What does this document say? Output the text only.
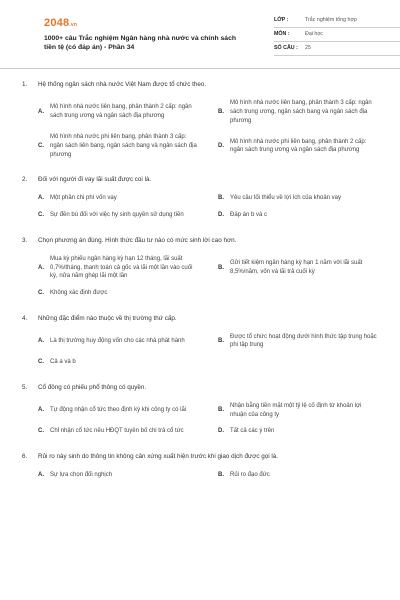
2048.vn
1000+ câu Trắc nghiệm Ngân hàng nhà nước và chính sách tiền tệ (có đáp án) - Phần 34
LỚP :	Trắc nghiệm tổng hợp
MÔN :	Đại học
SỐ CÂU :	25
1.	Hệ thống ngân sách nhà nước Việt Nam được tổ chức theo.
A.
Mô hình nhà nước liên bang, phân thành 2 cấp: ngân sách trung ương và ngân sách địa phương
B.
Mô hình nhà nước liên bang, phân thành 3 cấp: ngân sách trung ương, ngân sách bang và ngân sách địa phương
C.
Mô hình nhà nước phi liên bang, phân thành 3 cấp: ngân sách liên bang, ngân sách bang và ngân sách địa phương
D.
Mô hình nhà nước phi liên bang, phân thành 2 cấp: ngân sách trung ương và ngân sách địa phương
2.	Đối với người đi vay lãi suất được coi là.
A.	Một phần chi phí vốn vay	B.	Yêu cầu tối thiểu về lợi ích của khoản vay
C.	Sự đền bù đối với việc hy sinh quyền sử dụng tiền	D.	Đáp án b và c
3.	Chọn phương án đúng. Hình thức đầu tư nào có mức sinh lời cao hơn.
A.
Mua kỳ phiếu ngân hàng kỳ hạn 12 tháng, lãi suất 0,7%/tháng, thanh toán cả gốc và lãi một lần vào cuối kỳ, nửa năm ghép lãi một lần
B.
Gửi tiết kiệm ngân hàng kỳ hạn 1 năm với lãi suất 8,5%/năm, vốn và lãi trả cuối kỳ
C.	Không xác định được
4.	Những đặc điểm nào thuộc về thị trường thứ cấp.
A.	Là thị trường huy động vốn cho các nhà phát hành	B.
Được tổ chức hoạt động dưới hình thức tập trung hoặc phi tập trung
C.	Cả a và b
5.	Cổ đông có phiếu phổ thông có quyền.
A.	Tự động nhận cổ tức theo định kỳ khi công ty có lãi	B.
Nhận bằng tiền mặt một tỷ lệ cố định từ khoản lợi nhuận của công ty
C.	Chỉ nhận cổ tức nếu HĐQT tuyên bố chi trả cổ tức	D.	Tất cả các ý trên
6.	Rủi ro này sinh do thông tin không cân xứng xuất hiện trước khi giao dịch được gọi là.
A.	Sự lựa chọn đối nghịch	B.	Rủi ro đạo đức
